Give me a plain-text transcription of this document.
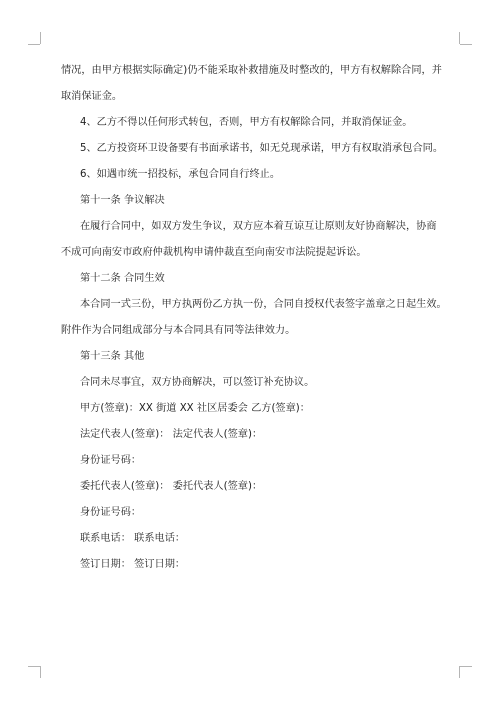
情况，由甲方根据实际确定)仍不能采取补救措施及时整改的，甲方有权解除合同，并
取消保证金。
4、乙方不得以任何形式转包，否则，甲方有权解除合同，并取消保证金。
5、乙方投资环卫设备要有书面承诺书，如无兑现承诺，甲方有权取消承包合同。
6、如遇市统一招投标，承包合同自行终止。
第十一条 争议解决
在履行合同中，如双方发生争议，双方应本着互谅互让原则友好协商解决，协商
不成可向南安市政府仲裁机构申请仲裁直至向南安市法院提起诉讼。
第十二条 合同生效
本合同一式三份，甲方执两份乙方执一份，合同自授权代表签字盖章之日起生效。
附件作为合同组成部分与本合同具有同等法律效力。
第十三条 其他
合同未尽事宜，双方协商解决，可以签订补充协议。
甲方(签章)：XX 街道 XX 社区居委会 乙方(签章)：
法定代表人(签章)： 法定代表人(签章)：
身份证号码：
委托代表人(签章)： 委托代表人(签章)：
身份证号码：
联系电话： 联系电话：
签订日期： 签订日期：
